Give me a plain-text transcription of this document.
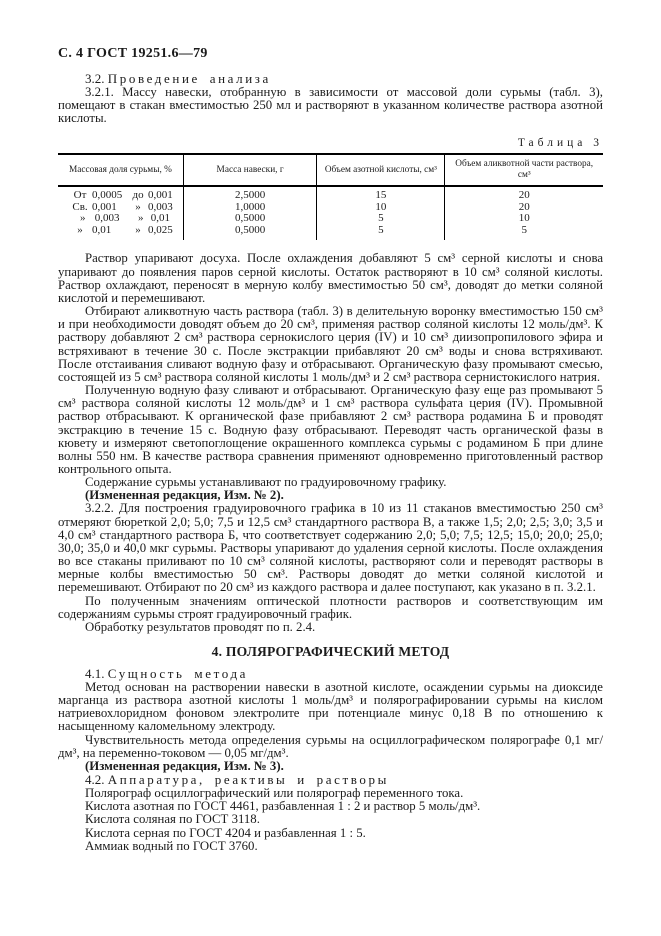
С. 4 ГОСТ 19251.6—79
3.2. Проведение анализа

3.2.1. Массу навески, отобранную в зависимости от массовой доли сурьмы (табл. 3), помещают в стакан вместимостью 250 мл и растворяют в указанном количестве раствора азотной кислоты.

Таблица 3
Массовая доля сурьмы, %	Масса навески, г	Объем азотной кислоты, см³	Объем аликвотной части раствора, см³
От 0,0005 до 0,001	2,5000	15	20
Св. 0,001 » 0,003	1,0000	10	20
» 0,003 » 0,01	0,5000	5	10
» 0,01 » 0,025	0,5000	5	5

Раствор упаривают досуха. После охлаждения добавляют 5 см³ серной кислоты и снова упаривают до появления паров серной кислоты. Остаток растворяют в 10 см³ соляной кислоты. Раствор охлаждают, переносят в мерную колбу вместимостью 50 см³, доводят до метки соляной кислотой и перемешивают.

Отбирают аликвотную часть раствора (табл. 3) в делительную воронку вместимостью 150 см³ и при необходимости доводят объем до 20 см³, применяя раствор соляной кислоты 12 моль/дм³. К раствору добавляют 2 см³ раствора сернокислого церия (IV) и 10 см³ диизопропилового эфира и встряхивают в течение 30 с. После экстракции прибавляют 20 см³ воды и снова встряхивают. После отстаивания сливают водную фазу и отбрасывают. Органическую фазу промывают смесью, состоящей из 5 см³ раствора соляной кислоты 1 моль/дм³ и 2 см³ раствора сернистокислого натрия.

Полученную водную фазу сливают и отбрасывают. Органическую фазу еще раз промывают 5 см³ раствора соляной кислоты 12 моль/дм³ и 1 см³ раствора сульфата церия (IV). Промывной раствор отбрасывают. К органической фазе прибавляют 2 см³ раствора родамина Б и проводят экстракцию в течение 15 с. Водную фазу отбрасывают. Переводят часть органической фазы в кювету и измеряют светопоглощение окрашенного комплекса сурьмы с родамином Б при длине волны 550 нм. В качестве раствора сравнения применяют одновременно приготовленный раствор контрольного опыта.

Содержание сурьмы устанавливают по градуировочному графику.

(Измененная редакция, Изм. № 2).

3.2.2. Для построения градуировочного графика в 10 из 11 стаканов вместимостью 250 см³ отмеряют бюреткой 2,0; 5,0; 7,5 и 12,5 см³ стандартного раствора В, а также 1,5; 2,0; 2,5; 3,0; 3,5 и 4,0 см³ стандартного раствора Б, что соответствует содержанию 2,0; 5,0; 7,5; 12,5; 15,0; 20,0; 25,0; 30,0; 35,0 и 40,0 мкг сурьмы. Растворы упаривают до удаления серной кислоты. После охлаждения во все стаканы приливают по 10 см³ соляной кислоты, растворяют соли и переводят растворы в мерные колбы вместимостью 50 см³. Растворы доводят до метки соляной кислотой и перемешивают. Отбирают по 20 см³ из каждого раствора и далее поступают, как указано в п. 3.2.1.

По полученным значениям оптической плотности растворов и соответствующим им содержаниям сурьмы строят градуировочный график.

Обработку результатов проводят по п. 2.4.

4. ПОЛЯРОГРАФИЧЕСКИЙ МЕТОД
4.1. Сущность метода

Метод основан на растворении навески в азотной кислоте, осаждении сурьмы на диоксиде марганца из раствора азотной кислоты 1 моль/дм³ и полярографировании сурьмы на кислом натриевохлоридном фоновом электролите при потенциале минус 0,18 В по отношению к насыщенному каломельному электроду.

Чувствительность метода определения сурьмы на осциллографическом полярографе 0,1 мг/дм³, на переменно-токовом — 0,05 мг/дм³.

(Измененная редакция, Изм. № 3).

4.2. Аппаратура, реактивы и растворы

Полярограф осциллографический или полярограф переменного тока.

Кислота азотная по ГОСТ 4461, разбавленная 1 : 2 и раствор 5 моль/дм³.

Кислота соляная по ГОСТ 3118.

Кислота серная по ГОСТ 4204 и разбавленная 1 : 5.

Аммиак водный по ГОСТ 3760.
